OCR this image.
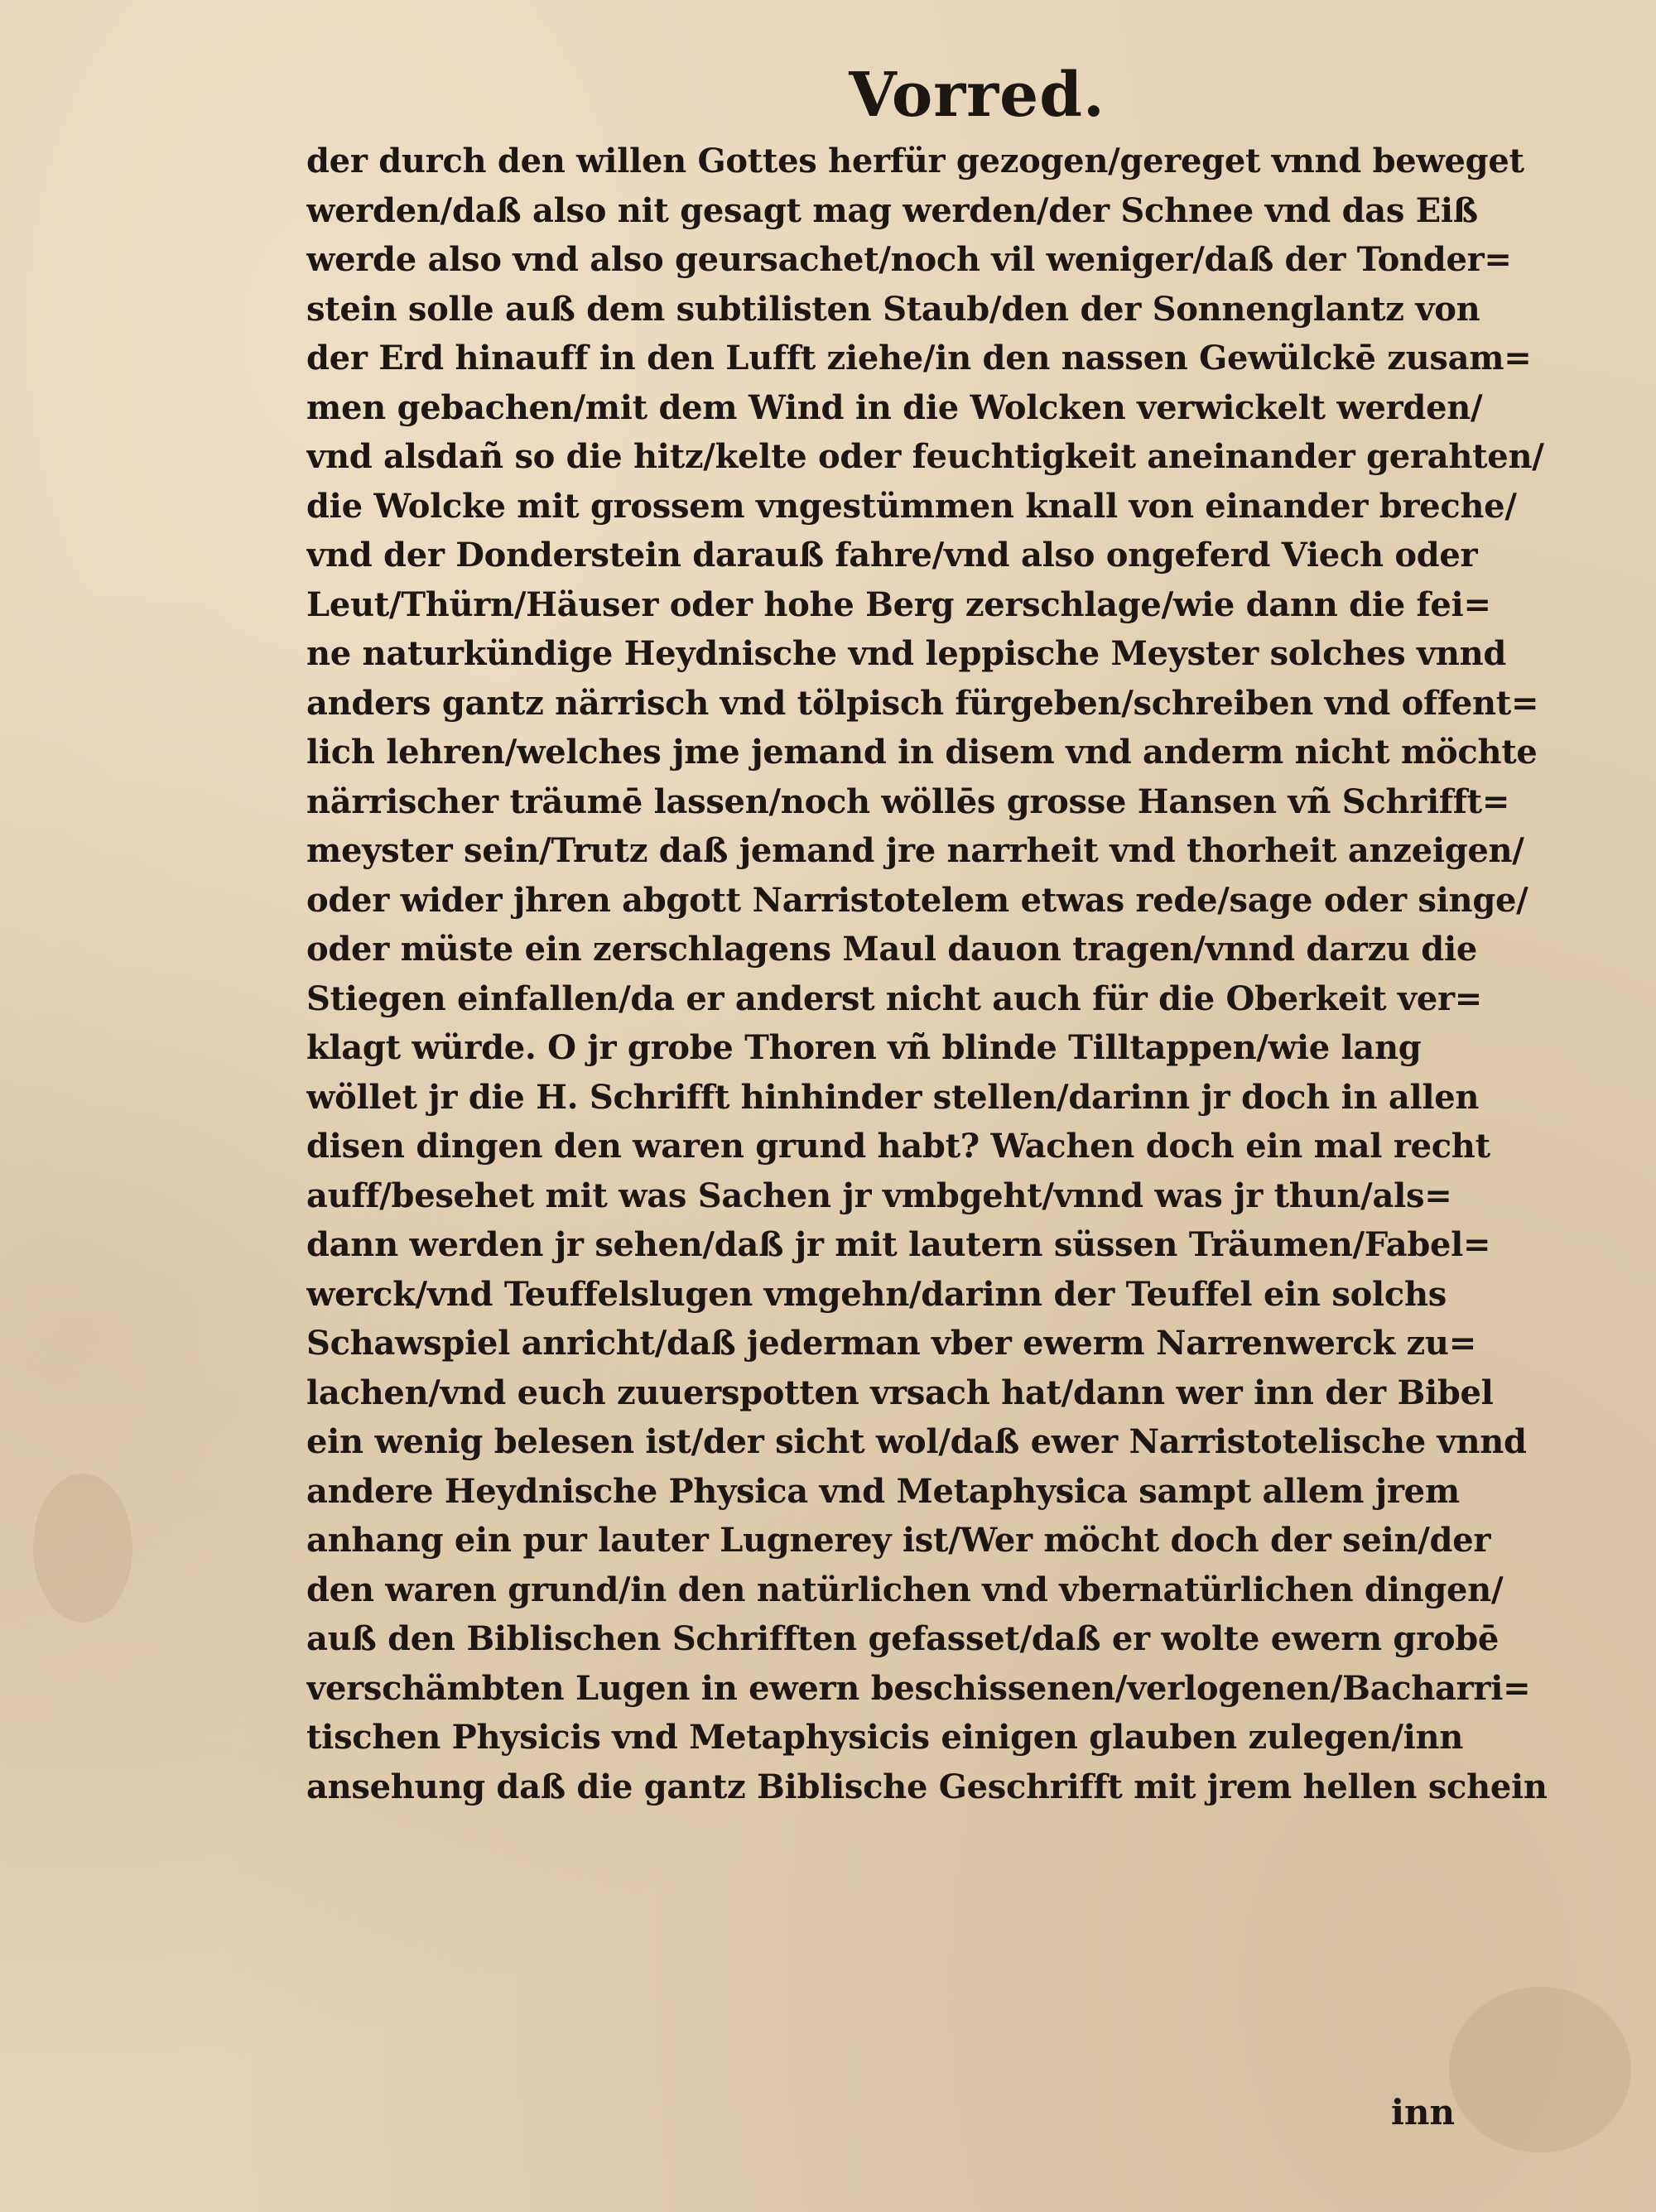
Vorred.
der durch den willen Gottes herfür gezogen/gereget vnnd beweget
werden/daß also nit gesagt mag werden/der Schnee vnd das Eiß
werde also vnd also geursachet/noch vil weniger/daß der Tonder=
stein solle auß dem subtilisten Staub/den der Sonnenglantz von
der Erd hinauff in den Lufft ziehe/in den nassen Gewülckē zusam=
men gebachen/mit dem Wind in die Wolcken verwickelt werden/
vnd alsdañ so die hitz/kelte oder feuchtigkeit aneinander gerahten/
die Wolcke mit grossem vngestümmen knall von einander breche/
vnd der Donderstein darauß fahre/vnd also ongeferd Viech oder
Leut/Thürn/Häuser oder hohe Berg zerschlage/wie dann die fei=
ne naturkündige Heydnische vnd leppische Meyster solches vnnd
anders gantz närrisch vnd tölpisch fürgeben/schreiben vnd offent=
lich lehren/welches jme jemand in disem vnd anderm nicht möchte
närrischer träumē lassen/noch wöllēs grosse Hansen vñ Schrifft=
meyster sein/Trutz daß jemand jre narrheit vnd thorheit anzeigen/
oder wider jhren abgott Narristotelem etwas rede/sage oder singe/
oder müste ein zerschlagens Maul dauon tragen/vnnd darzu die
Stiegen einfallen/da er anderst nicht auch für die Oberkeit ver=
klagt würde. O jr grobe Thoren vñ blinde Tilltappen/wie lang
wöllet jr die H. Schrifft hinhinder stellen/darinn jr doch in allen
disen dingen den waren grund habt? Wachen doch ein mal recht
auff/besehet mit was Sachen jr vmbgeht/vnnd was jr thun/als=
dann werden jr sehen/daß jr mit lautern süssen Träumen/Fabel=
werck/vnd Teuffelslugen vmgehn/darinn der Teuffel ein solchs
Schawspiel anricht/daß jederman vber ewerm Narrenwerck zu=
lachen/vnd euch zuuerspotten vrsach hat/dann wer inn der Bibel
ein wenig belesen ist/der sicht wol/daß ewer Narristotelische vnnd
andere Heydnische Physica vnd Metaphysica sampt allem jrem
anhang ein pur lauter Lugnerey ist/Wer möcht doch der sein/der
den waren grund/in den natürlichen vnd vbernatürlichen dingen/
auß den Biblischen Schrifften gefasset/daß er wolte ewern grobē
verschämbten Lugen in ewern beschissenen/verlogenen/Bacharri=
tischen Physicis vnd Metaphysicis einigen glauben zulegen/inn
ansehung daß die gantz Biblische Geschrifft mit jrem hellen schein
inn
